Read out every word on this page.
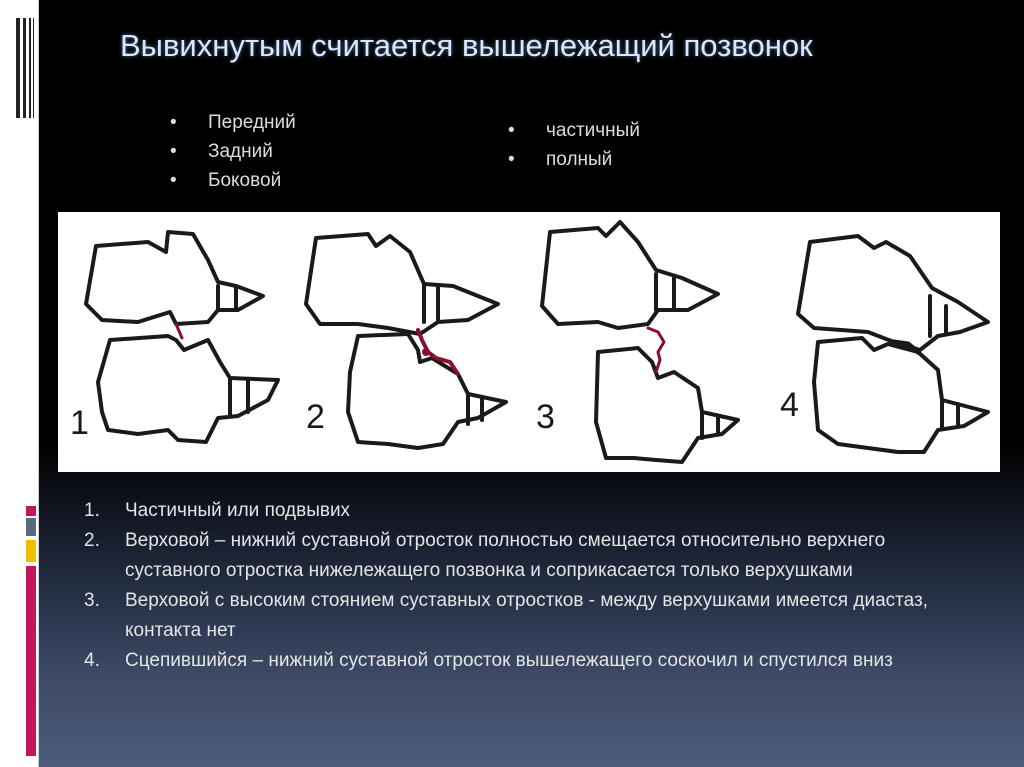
Вывихнутым считается вышележащий позвонок
• Передний
• Задний
• Боковой
• частичный
• полный
1	2	3	4
1. Частичный или подвывих
2. Верховой – нижний суставной отросток полностью смещается относительно верхнего суставного отростка нижележащего позвонка и соприкасается только верхушками
3. Верховой с высоким стоянием суставных отростков - между верхушками имеется диастаз, контакта нет
4. Сцепившийся – нижний суставной отросток вышележащего соскочил и спустился вниз
